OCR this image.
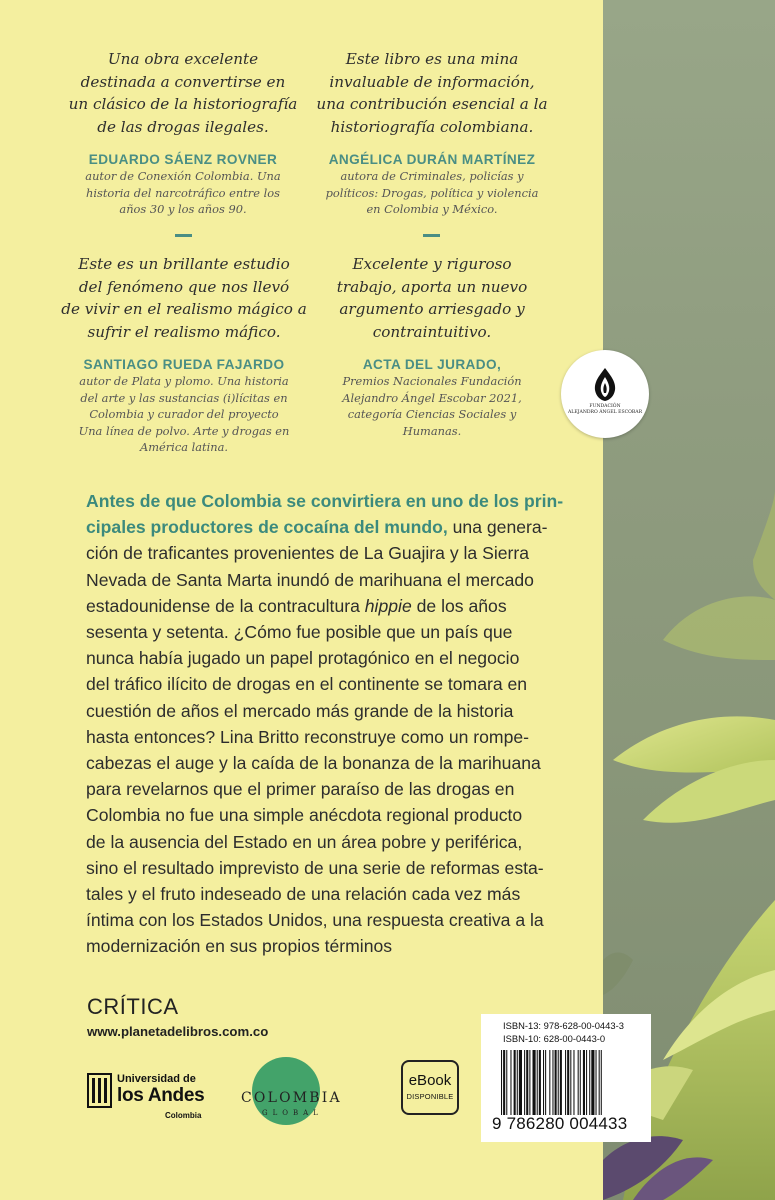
Una obra excelente
destinada a convertirse en
un clásico de la historiografía
de las drogas ilegales.
EDUARDO SÁENZ ROVNER
autor de Conexión Colombia. Una
historia del narcotráfico entre los
años 30 y los años 90.
Este libro es una mina
invaluable de información,
una contribución esencial a la
historiografía colombiana.
ANGÉLICA DURÁN MARTÍNEZ
autora de Criminales, policías y
políticos: Drogas, política y violencia
en Colombia y México.
Este es un brillante estudio
del fenómeno que nos llevó
de vivir en el realismo mágico a
sufrir el realismo máfico.
SANTIAGO RUEDA FAJARDO
autor de Plata y plomo. Una historia
del arte y las sustancias (i)lícitas en
Colombia y curador del proyecto
Una línea de polvo. Arte y drogas en
América latina.
Excelente y riguroso
trabajo, aporta un nuevo
argumento arriesgado y
contraintuitivo.
ACTA DEL JURADO,
Premios Nacionales Fundación
Alejandro Ángel Escobar 2021,
categoría Ciencias Sociales y
Humanas.
FUNDACIÓN
ALEJANDRO ÁNGEL ESCOBAR
Antes de que Colombia se convirtiera en uno de los prin-
cipales productores de cocaína del mundo, una genera-
ción de traficantes provenientes de La Guajira y la Sierra
Nevada de Santa Marta inundó de marihuana el mercado
estadounidense de la contracultura hippie de los años
sesenta y setenta. ¿Cómo fue posible que un país que
nunca había jugado un papel protagónico en el negocio
del tráfico ilícito de drogas en el continente se tomara en
cuestión de años el mercado más grande de la historia
hasta entonces? Lina Britto reconstruye como un rompe-
cabezas el auge y la caída de la bonanza de la marihuana
para revelarnos que el primer paraíso de las drogas en
Colombia no fue una simple anécdota regional producto
de la ausencia del Estado en un área pobre y periférica,
sino el resultado imprevisto de una serie de reformas esta-
tales y el fruto indeseado de una relación cada vez más
íntima con los Estados Unidos, una respuesta creativa a la
modernización en sus propios términos
CRÍTICA
www.planetadelibros.com.co
Universidad de
los Andes
Colombia
COLOMBIA
GLOBAL
eBook
DISPONIBLE
ISBN-13: 978-628-00-0443-3
ISBN-10: 628-00-0443-0
9 786280 004433
